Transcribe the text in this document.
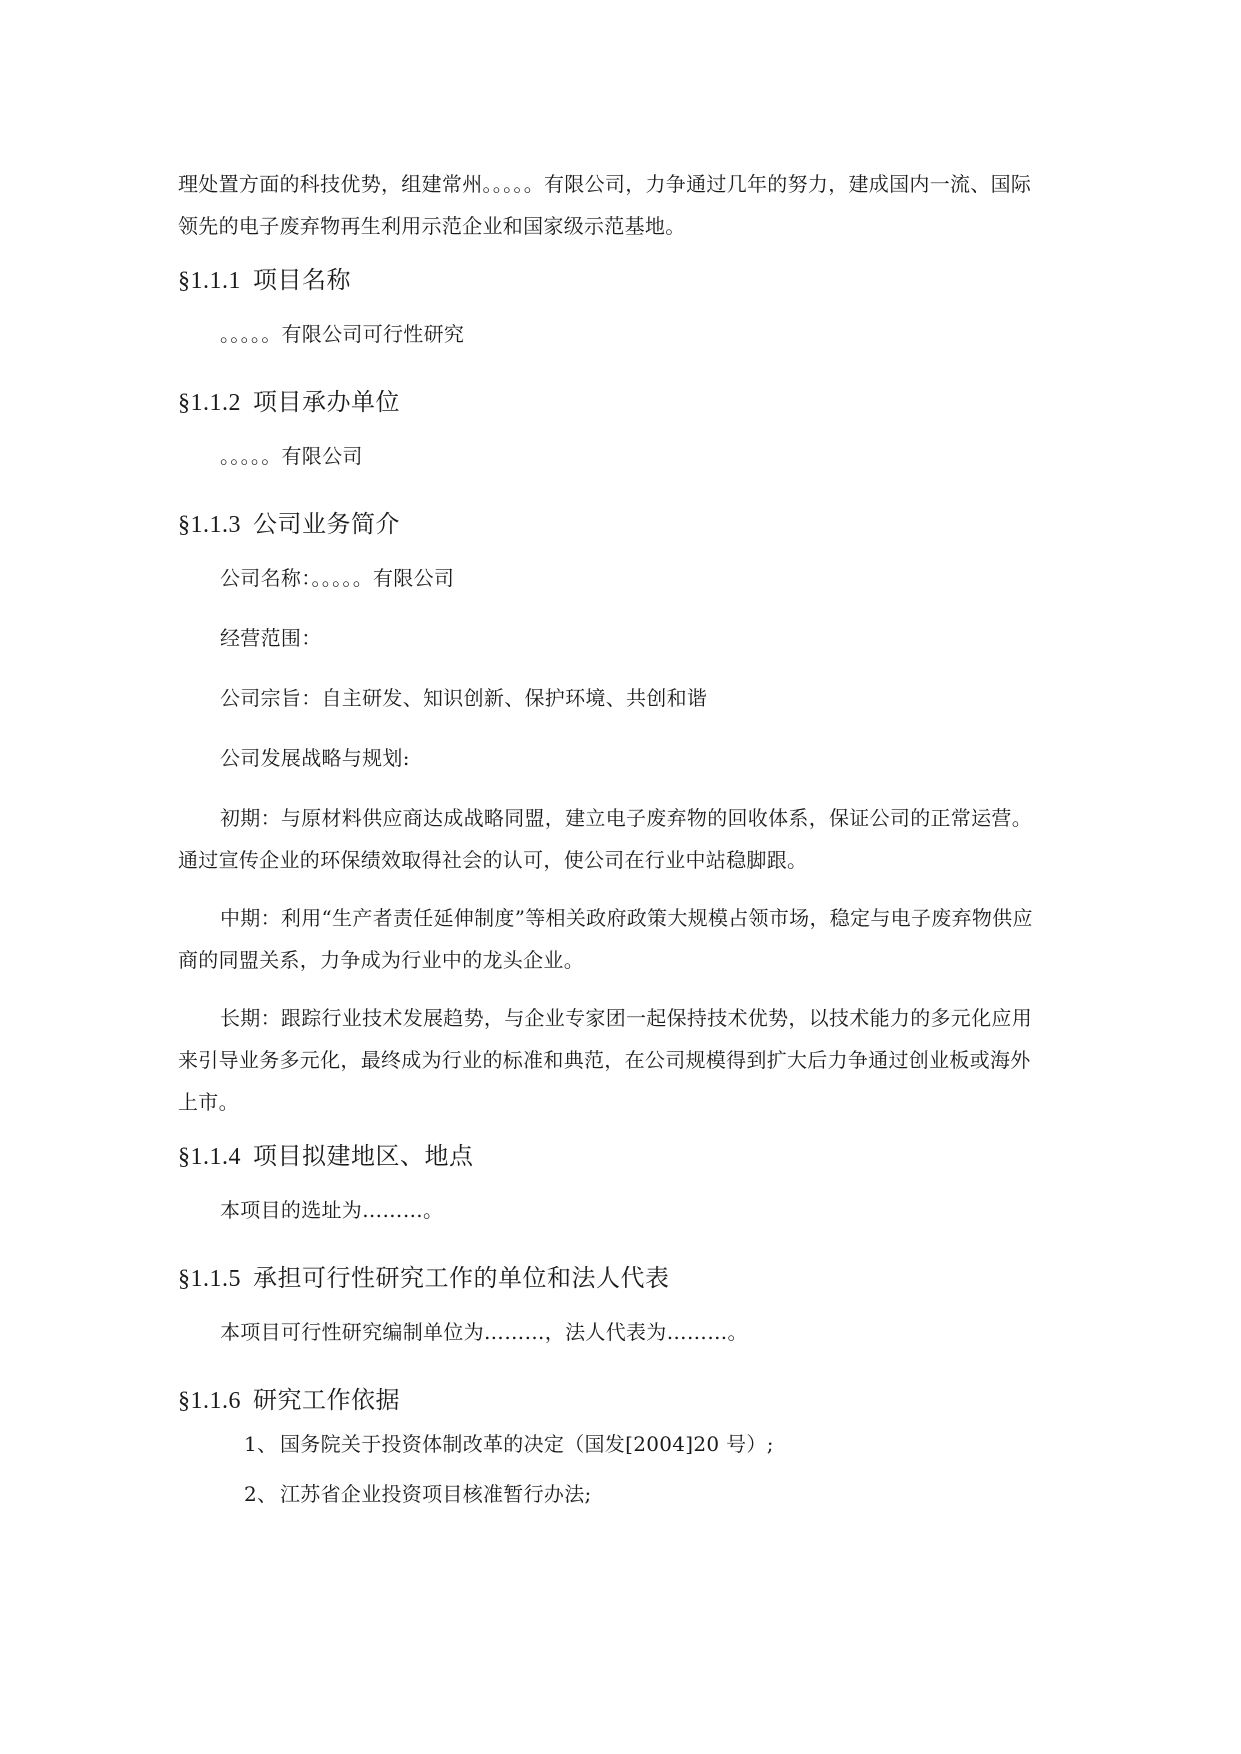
理处置方面的科技优势，组建常州。。。。。有限公司，力争通过几年的努力，建成国内一流、国际
领先的电子废弃物再生利用示范企业和国家级示范基地。
§1.1.1 项目名称
。。。。。有限公司可行性研究
§1.1.2 项目承办单位
。。。。。有限公司
§1.1.3 公司业务简介
公司名称：。。。。。有限公司
经营范围：
公司宗旨：自主研发、知识创新、保护环境、共创和谐
公司发展战略与规划:
初期：与原材料供应商达成战略同盟，建立电子废弃物的回收体系，保证公司的正常运营。
通过宣传企业的环保绩效取得社会的认可，使公司在行业中站稳脚跟。
中期：利用“生产者责任延伸制度”等相关政府政策大规模占领市场，稳定与电子废弃物供应
商的同盟关系，力争成为行业中的龙头企业。
长期：跟踪行业技术发展趋势，与企业专家团一起保持技术优势，以技术能力的多元化应用
来引导业务多元化，最终成为行业的标准和典范，在公司规模得到扩大后力争通过创业板或海外
上市。
§1.1.4 项目拟建地区、地点
本项目的选址为………。
§1.1.5 承担可行性研究工作的单位和法人代表
本项目可行性研究编制单位为………，法人代表为………。
§1.1.6 研究工作依据
1、 国务院关于投资体制改革的决定（国发[2004]20 号）;
2、 江苏省企业投资项目核准暂行办法;
